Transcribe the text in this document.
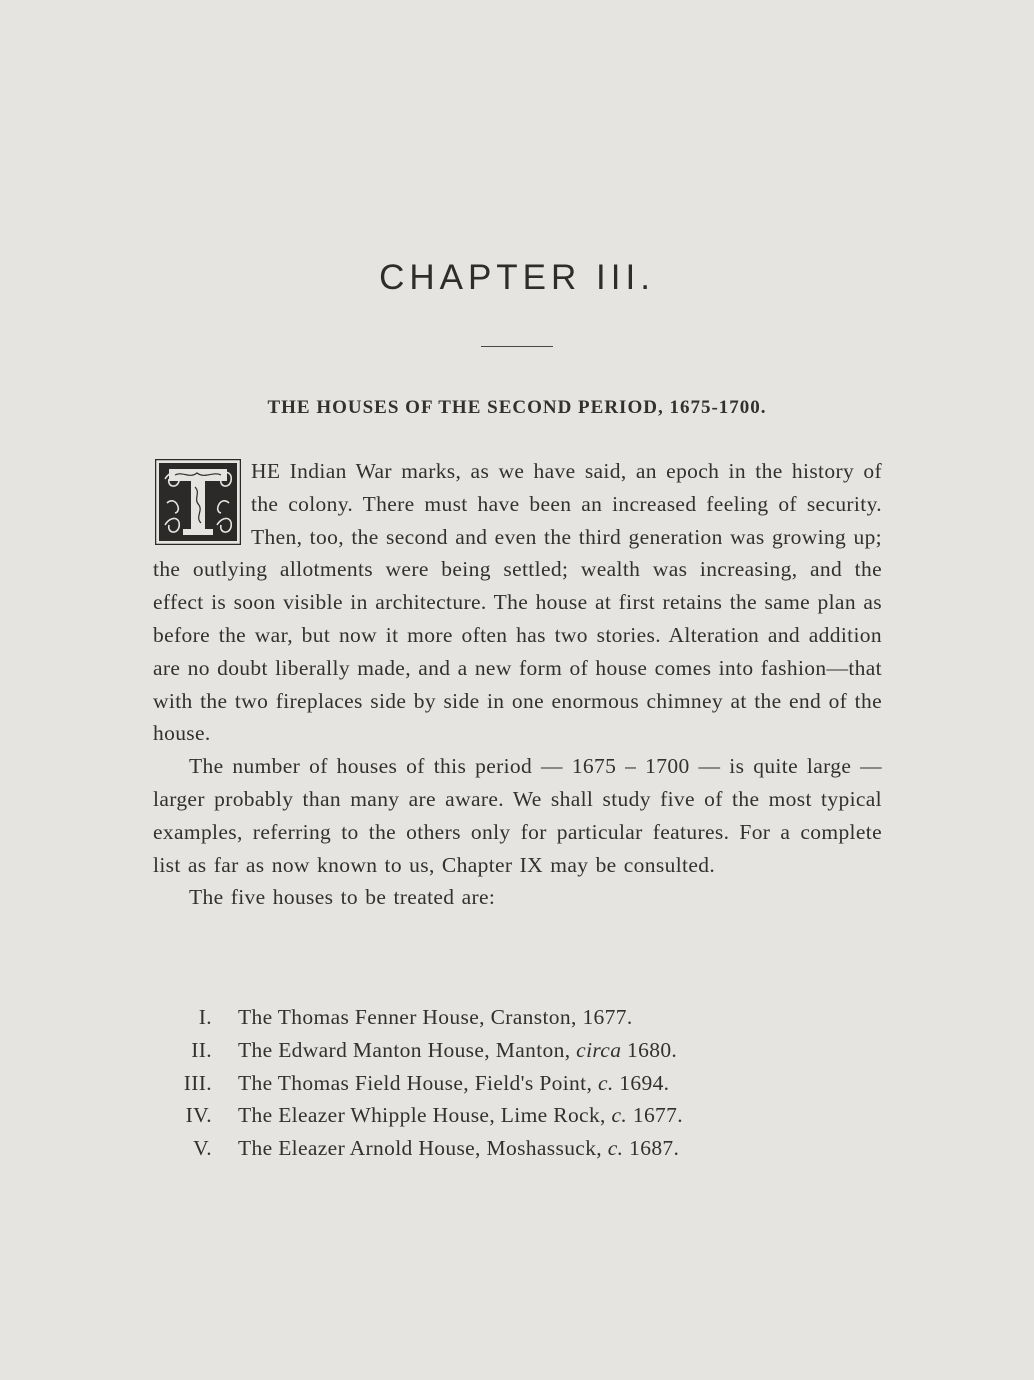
CHAPTER III.
THE HOUSES OF THE SECOND PERIOD, 1675-1700.

HE Indian War marks, as we have said, an epoch in the history of the colony. There must have been an increased feeling of security. Then, too, the second and even the third generation was growing up; the outlying allotments were being settled; wealth was increasing, and the effect is soon visible in architecture. The house at first retains the same plan as before the war, but now it more often has two stories. Alteration and addition are no doubt liberally made, and a new form of house comes into fashion—that with the two fireplaces side by side in one enormous chimney at the end of the house.

The number of houses of this period — 1675 – 1700 — is quite large — larger probably than many are aware. We shall study five of the most typical examples, referring to the others only for particular features. For a complete list as far as now known to us, Chapter IX may be consulted.

The five houses to be treated are:

I. The Thomas Fenner House, Cranston, 1677.
II. The Edward Manton House, Manton, circa 1680.
III. The Thomas Field House, Field's Point, c. 1694.
IV. The Eleazer Whipple House, Lime Rock, c. 1677.
V. The Eleazer Arnold House, Moshassuck, c. 1687.
